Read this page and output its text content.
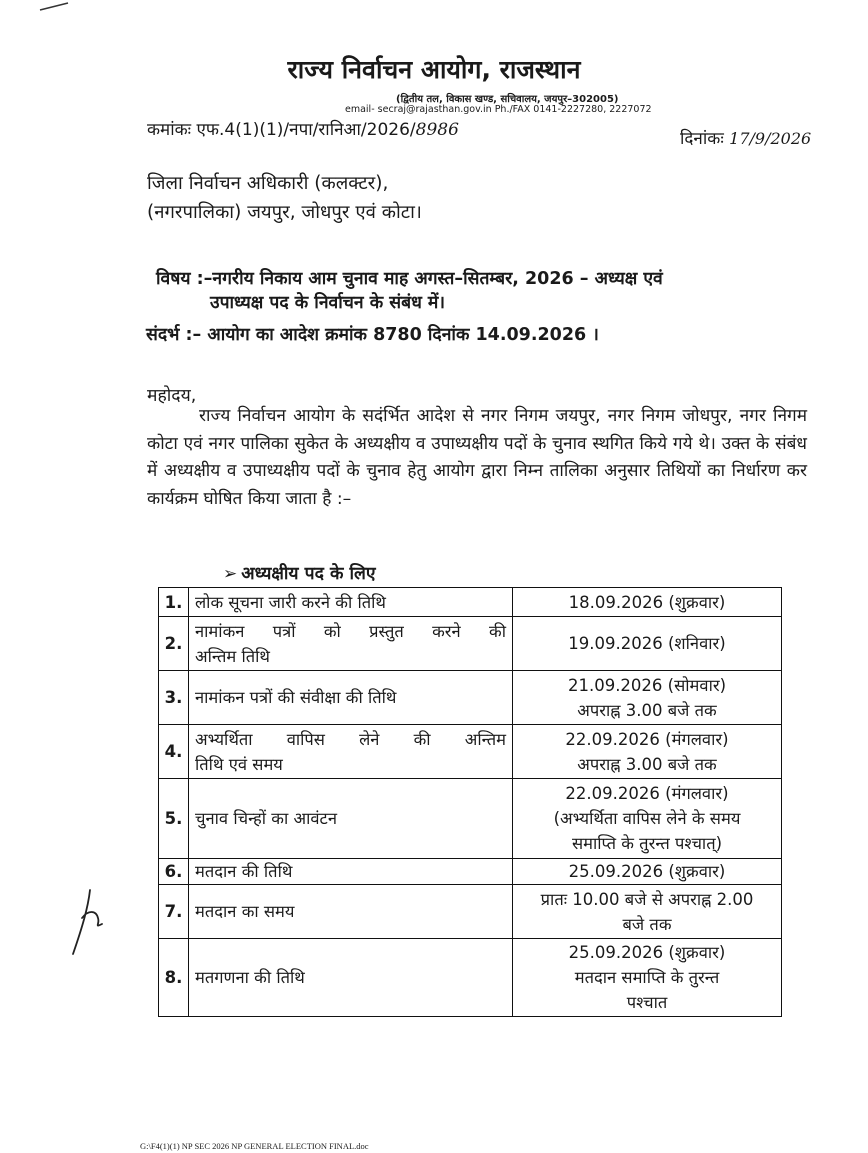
राज्य निर्वाचन आयोग, राजस्थान
(द्वितीय तल, विकास खण्ड, सचिवालय, जयपुर–302005)
email- secraj@rajasthan.gov.in Ph./FAX 0141-2227280, 2227072
कमांकः एफ.4(1)(1)/नपा/रानिआ/2026/8986	दिनांकः 17/9/2026
जिला निर्वाचन अधिकारी (कलक्टर),
(नगरपालिका) जयपुर, जोधपुर एवं कोटा।
विषय :–नगरीय निकाय आम चुनाव माह अगस्त–सितम्बर, 2026 – अध्यक्ष एवं
उपाध्यक्ष पद के निर्वाचन के संबंध में।
संदर्भ :– आयोग का आदेश क्रमांक 8780 दिनांक 14.09.2026 ।
महोदय,

राज्य निर्वाचन आयोग के सदंर्भित आदेश से नगर निगम जयपुर, नगर निगम जोधपुर, नगर निगम कोटा एवं नगर पालिका सुकेत के अध्यक्षीय व उपाध्यक्षीय पदों के चुनाव स्थगित किये गये थे। उक्त के संबंध में अध्यक्षीय व उपाध्यक्षीय पदों के चुनाव हेतु आयोग द्वारा निम्न तालिका अनुसार तिथियों का निर्धारण कर कार्यक्रम घोषित किया जाता है :–

➢ अध्यक्षीय पद के लिए
1.	लोक सूचना जारी करने की तिथि	18.09.2026 (शुक्रवार)

2.	नामांकन पत्रों को प्रस्तुत करने की
अन्तिम तिथि	19.09.2026 (शनिवार)

3.	नामांकन पत्रों की संवीक्षा की तिथि	21.09.2026 (सोमवार)
अपराह्न 3.00 बजे तक

4.	अभ्यर्थिता वापिस लेने की अन्तिम
तिथि एवं समय	22.09.2026 (मंगलवार)
अपराह्न 3.00 बजे तक

5.	चुनाव चिन्हों का आवंटन	22.09.2026 (मंगलवार)
(अभ्यर्थिता वापिस लेने के समय
समाप्ति के तुरन्त पश्चात्)

6.	मतदान की तिथि	25.09.2026 (शुक्रवार)

7.	मतदान का समय	प्रातः 10.00 बजे से अपराह्न 2.00
बजे तक

8.	मतगणना की तिथि	25.09.2026 (शुक्रवार)
मतदान समाप्ति के तुरन्त
पश्चात
G:\F4(1)(1) NP SEC 2026 NP GENERAL ELECTION FINAL.doc
